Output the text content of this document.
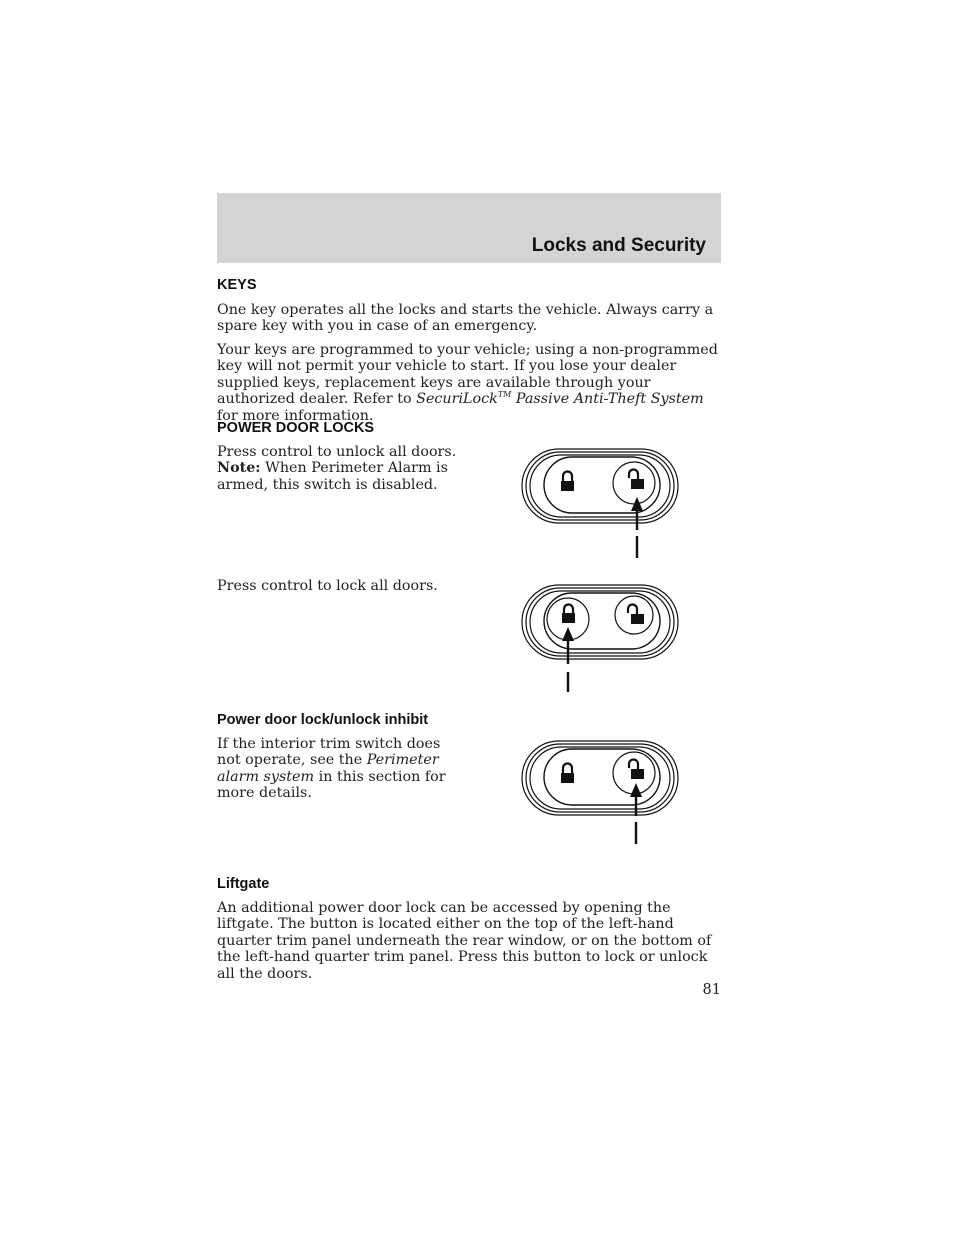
Locks and Security
KEYS

One key operates all the locks and starts the vehicle. Always carry a spare key with you in case of an emergency.

Your keys are programmed to your vehicle; using a non-programmed key will not permit your vehicle to start. If you lose your dealer supplied keys, replacement keys are available through your authorized dealer. Refer to SecuriLock™ Passive Anti-Theft System for more information.

POWER DOOR LOCKS

Press control to unlock all doors.
Note: When Perimeter Alarm is armed, this switch is disabled.

Press control to lock all doors.

Power door lock/unlock inhibit

If the interior trim switch does not operate, see the Perimeter alarm system in this section for more details.

Liftgate

An additional power door lock can be accessed by opening the liftgate. The button is located either on the top of the left-hand quarter trim panel underneath the rear window, or on the bottom of the left-hand quarter trim panel. Press this button to lock or unlock all the doors.

81
